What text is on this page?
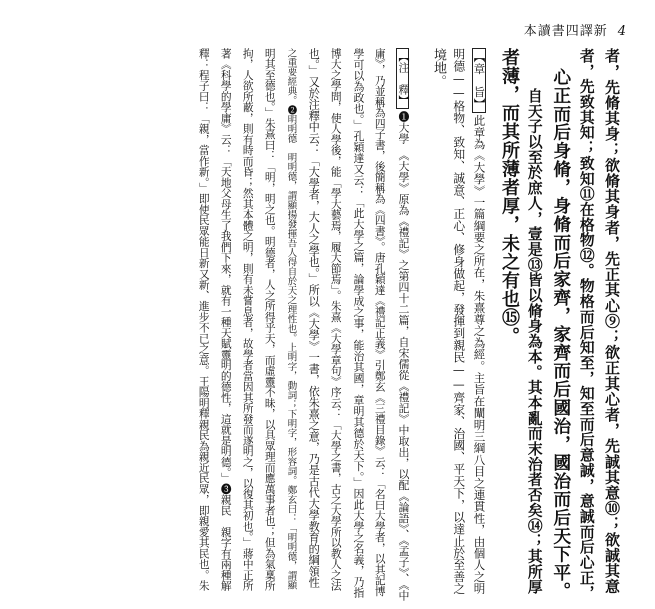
本讀書四譯新 4
者，先脩其身；欲脩其身者，先正其心⑨；欲正其心者，先誠其意⑩；欲誠其意
者，先致其知；致知⑪在格物⑫。物格而后知至，知至而后意誠，意誠而后心正，
心正而后身脩，身脩而后家齊，家齊而后國治，國治而后天下平。
自天子以至於庶人，壹是⑬皆以脩身為本。其本亂而末治者否矣⑭；其所厚
者薄，而其所薄者厚，未之有也⑮。
【章　旨】此章為《大學》一篇綱要之所在，朱熹尊之為經。主旨在闡明三綱八目之連貫性，由個人之明
明德——格物、致知、誠意、正心、修身做起，發揮到親民——齊家、治國、平天下，以達止於至善之
境地。
【注　釋】❶大學　《大學》原為《禮記》之第四十二篇，自宋儒從《禮記》中取出，以配《論語》、《孟子》、《中
庸》，乃並稱為四子書，後簡稱為《四書》。唐孔穎達《禮記正義》引鄭玄《三禮目錄》云：「名曰大學者，以其記博
學可以為政也。」孔穎達又云：「此大學之篇，論學成之事，能治其國，章明其德於天下。」因此大學之名義，乃指
博大之學問，使人學後，能「學大藝焉，履大節焉」。朱熹《大學章句》序云：「大學之書，古之大學所以教人之法
也。」又於注釋中云：「大學者，大人之學也。」所以《大學》一書，依朱熹之意，乃是古代大學教育的綱領性
之重要經典。❷明明德　明明德，謂顯揚發揮吾人得自於天之理性也。上明字，動詞；下明字，形容詞。鄭玄曰：「明明德，謂顯
明其至德也。」朱熹曰：「明，明之也。明德者，人之所得乎天，而虛靈不昧，以具眾理而應萬事者也；但為氣稟所
拘，人欲所蔽，則有時而昏；然其本體之明，則有未嘗息者，故學者當因其所發而遂明之，以復其初也。」蔣中正所
著《科學的學庸》云：「天地父母生了我們下來，就有一種天賦靈明的德性，這就是明德。」❸親民　親字有兩種解
釋：程子曰：「親，當作新。」即使民眾能日新又新、進步不已之意。王陽明釋親民為親近民眾，即親愛其民也。朱
